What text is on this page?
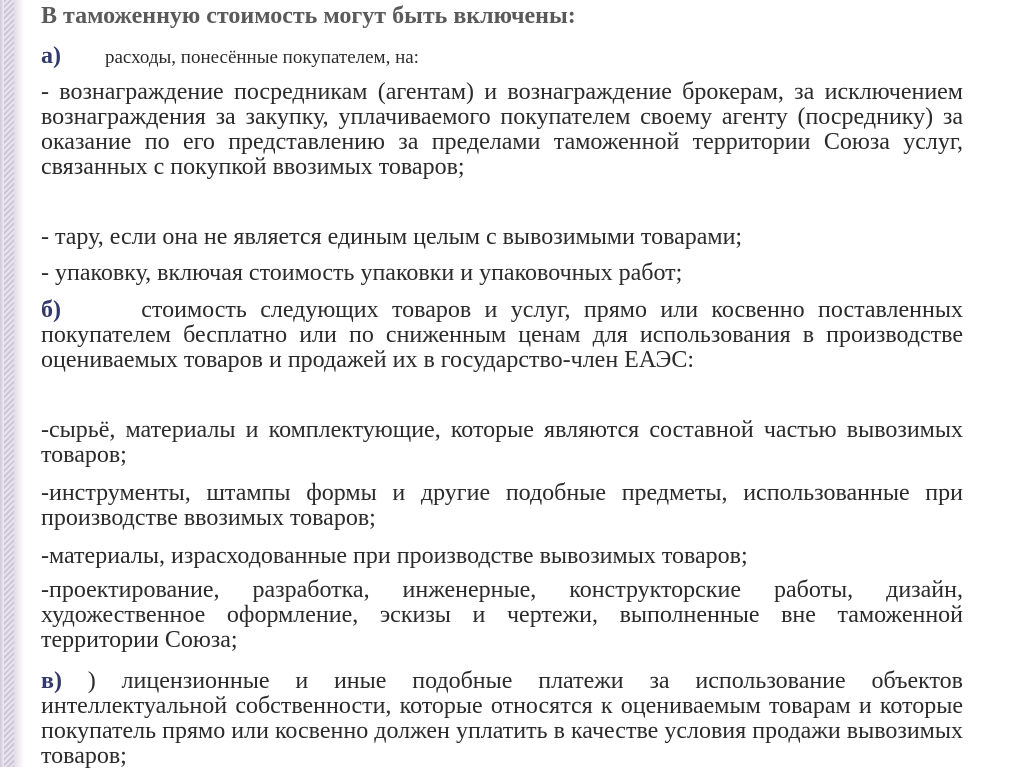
В таможенную стоимость могут быть включены:
а) расходы, понесённые покупателем, на:
- вознаграждение посредникам (агентам) и вознаграждение брокерам, за исключением вознаграждения за закупку, уплачиваемого покупателем своему агенту (посреднику) за оказание по его представлению за пределами таможенной территории Союза услуг, связанных с покупкой ввозимых товаров;
- тару, если она не является единым целым с вывозимыми товарами;
- упаковку, включая стоимость упаковки и упаковочных работ;
б)	стоимость следующих товаров и услуг, прямо или косвенно поставленных покупателем бесплатно или по сниженным ценам для использования в производстве оцениваемых товаров и продажей их в государство-член ЕАЭС:
-сырьё, материалы и комплектующие, которые являются составной частью вывозимых товаров;
-инструменты, штампы формы и другие подобные предметы, использованные при производстве ввозимых товаров;
-материалы, израсходованные при производстве вывозимых товаров;
-проектирование, разработка, инженерные, конструкторские работы, дизайн, художественное оформление, эскизы и чертежи, выполненные вне таможенной территории Союза;
в) ) лицензионные и иные подобные платежи за использование объектов интеллектуальной собственности, которые относятся к оцениваемым товарам и которые покупатель прямо или косвенно должен уплатить в качестве условия продажи вывозимых товаров;
